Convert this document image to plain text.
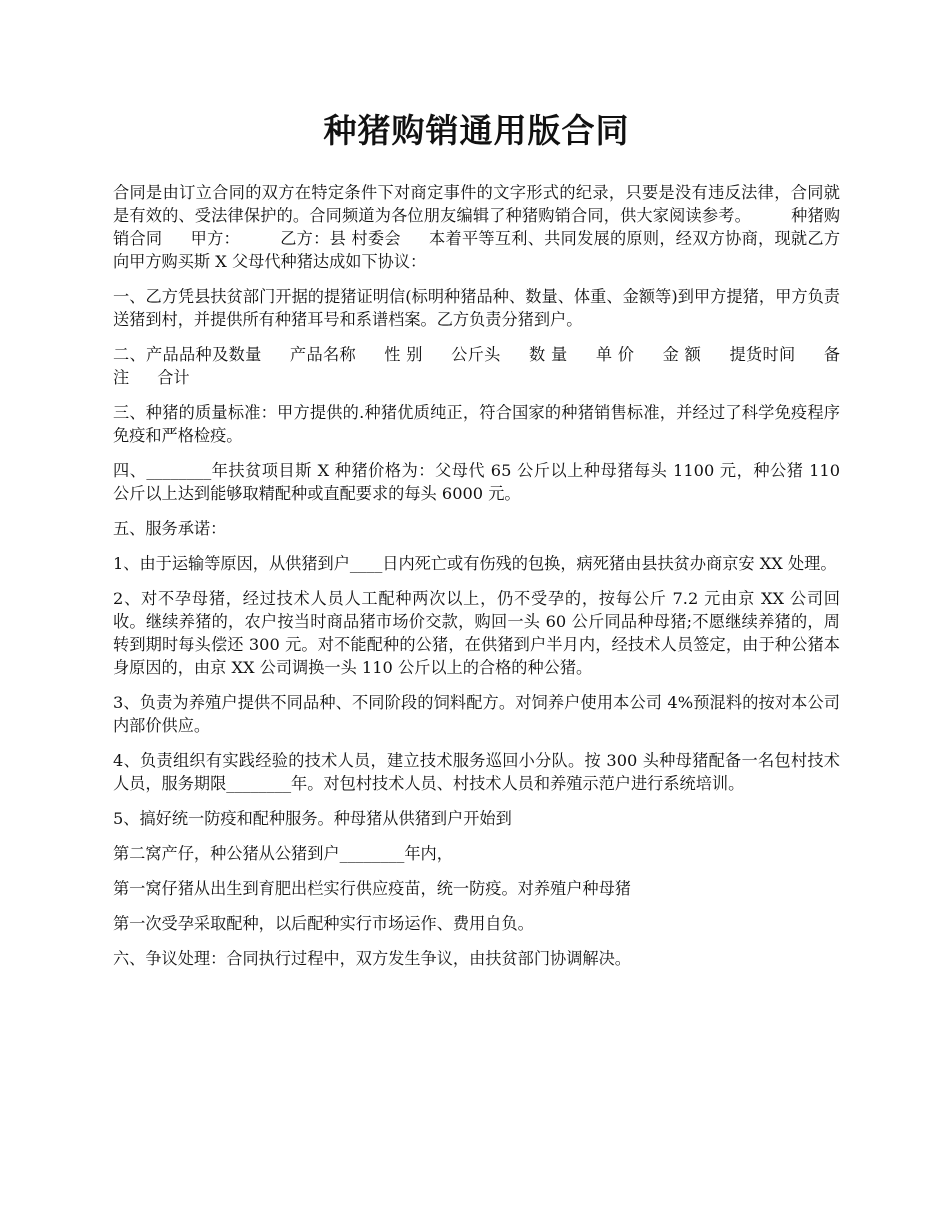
种猪购销通用版合同

合同是由订立合同的双方在特定条件下对商定事件的文字形式的纪录，只要是没有违反法律，合同就是有效的、受法律保护的。合同频道为各位朋友编辑了种猪购销合同，供大家阅读参考。 种猪购销合同 甲方： 乙方：县 村委会 本着平等互利、共同发展的原则，经双方协商，现就乙方向甲方购买斯 X 父母代种猪达成如下协议：

一、乙方凭县扶贫部门开据的提猪证明信(标明种猪品种、数量、体重、金额等)到甲方提猪，甲方负责送猪到村，并提供所有种猪耳号和系谱档案。乙方负责分猪到户。

二、产品品种及数量 产品名称 性 别 公斤头 数 量 单 价 金 额 提货时间 备 注 合计

三、种猪的质量标准：甲方提供的.种猪优质纯正，符合国家的种猪销售标准，并经过了科学免疫程序免疫和严格检疫。

四、________年扶贫项目斯 X 种猪价格为：父母代 65 公斤以上种母猪每头 1100 元，种公猪 110 公斤以上达到能够取精配种或直配要求的每头 6000 元。

五、服务承诺：

1、由于运输等原因，从供猪到户____日内死亡或有伤残的包换，病死猪由县扶贫办商京安 XX 处理。

2、对不孕母猪，经过技术人员人工配种两次以上，仍不受孕的，按每公斤 7.2 元由京 XX 公司回收。继续养猪的，农户按当时商品猪市场价交款，购回一头 60 公斤同品种母猪;不愿继续养猪的，周转到期时每头偿还 300 元。对不能配种的公猪，在供猪到户半月内，经技术人员签定，由于种公猪本身原因的，由京 XX 公司调换一头 110 公斤以上的合格的种公猪。

3、负责为养殖户提供不同品种、不同阶段的饲料配方。对饲养户使用本公司 4%预混料的按对本公司内部价供应。

4、负责组织有实践经验的技术人员，建立技术服务巡回小分队。按 300 头种母猪配备一名包村技术人员，服务期限________年。对包村技术人员、村技术人员和养殖示范户进行系统培训。

5、搞好统一防疫和配种服务。种母猪从供猪到户开始到

第二窝产仔，种公猪从公猪到户________年内，

第一窝仔猪从出生到育肥出栏实行供应疫苗，统一防疫。对养殖户种母猪

第一次受孕采取配种，以后配种实行市场运作、费用自负。

六、争议处理：合同执行过程中，双方发生争议，由扶贫部门协调解决。
